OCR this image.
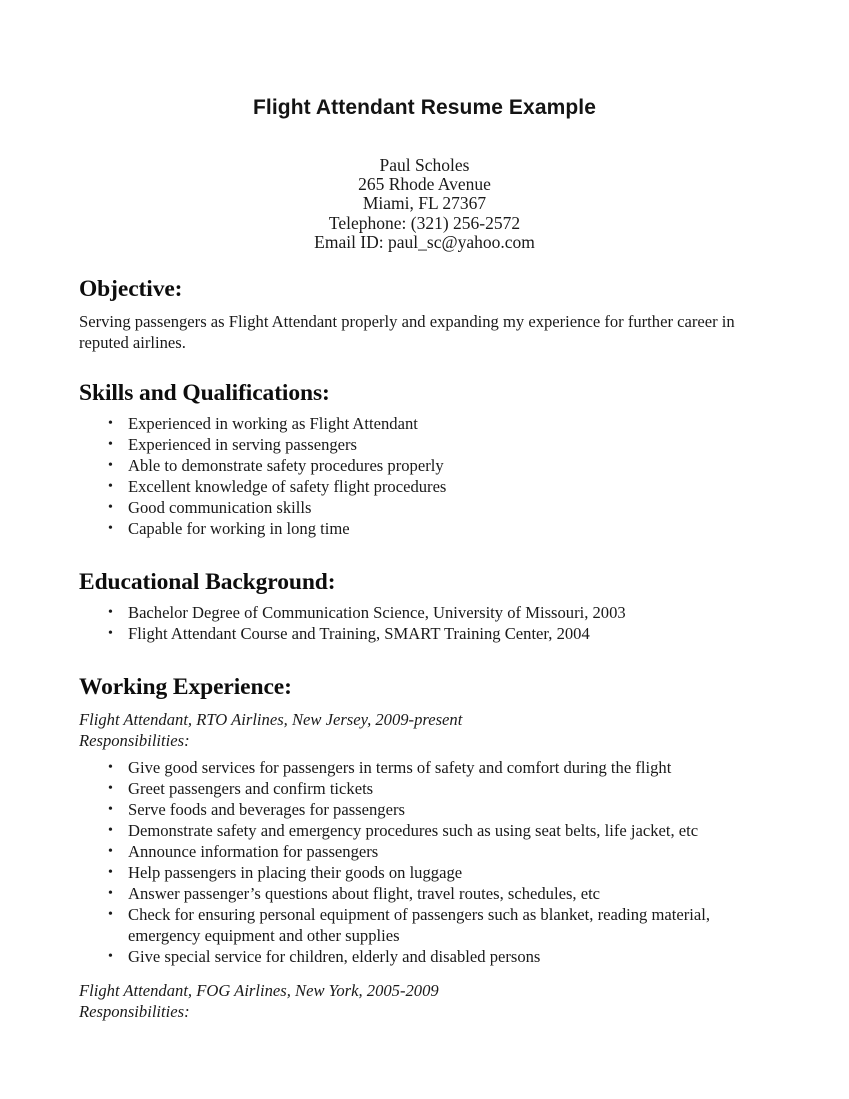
Flight Attendant Resume Example
Paul Scholes
265 Rhode Avenue
Miami, FL 27367
Telephone: (321) 256-2572
Email ID: paul_sc@yahoo.com
Objective:

Serving passengers as Flight Attendant properly and expanding my experience for further career in reputed airlines.

Skills and Qualifications:
• Experienced in working as Flight Attendant
• Experienced in serving passengers
• Able to demonstrate safety procedures properly
• Excellent knowledge of safety flight procedures
• Good communication skills
• Capable for working in long time
Educational Background:
• Bachelor Degree of Communication Science, University of Missouri, 2003
• Flight Attendant Course and Training, SMART Training Center, 2004
Working Experience:
Flight Attendant, RTO Airlines, New Jersey, 2009-present
Responsibilities:
• Give good services for passengers in terms of safety and comfort during the flight
• Greet passengers and confirm tickets
• Serve foods and beverages for passengers
• Demonstrate safety and emergency procedures such as using seat belts, life jacket, etc
• Announce information for passengers
• Help passengers in placing their goods on luggage
• Answer passenger’s questions about flight, travel routes, schedules, etc
• Check for ensuring personal equipment of passengers such as blanket, reading material, emergency equipment and other supplies
• Give special service for children, elderly and disabled persons
Flight Attendant, FOG Airlines, New York, 2005-2009
Responsibilities:
